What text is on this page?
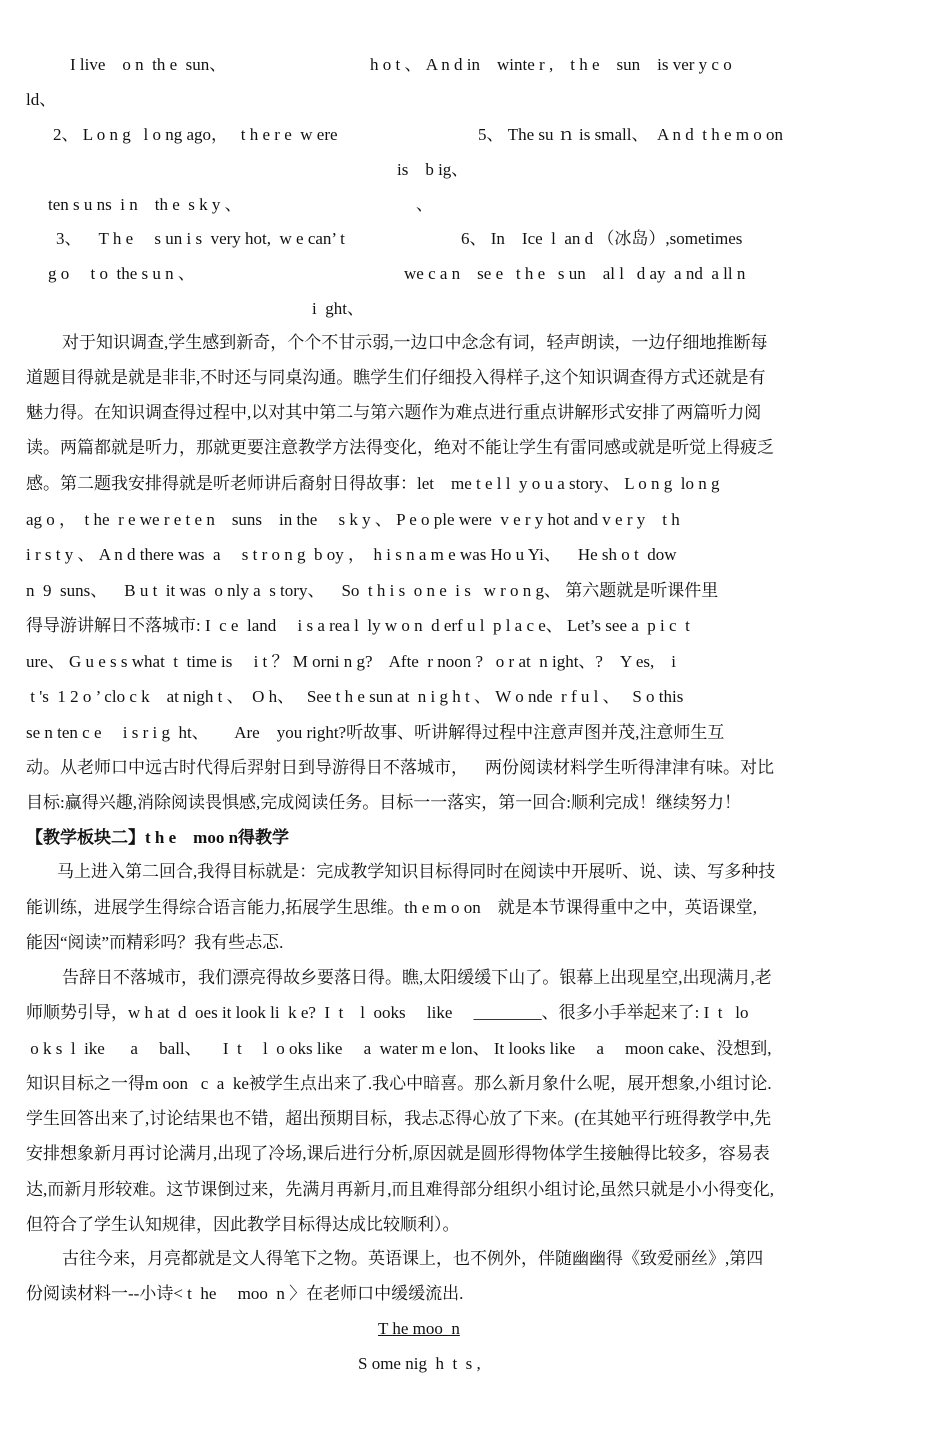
I live    o n  th e  sun、	h o t 、 A n d in    winte r ,    t h e    sun    is ver y c o
ld、
2、 L o n g   l o ng ago，   t h e r e  w ere	5、 The su ｎ is small、  A n d  t h e m o on
is    b ig、
ten s u ns  i n    th e  s k y 、	、
3、    T h e     s un i s  very hot,  w e can’ t	6、 In    Ice  l  an d （冰岛）,sometimes
g o     t o  the s u n 、	we c a n    se e   t h e   s un    al l   d ay  a nd  a ll n
i  ght、
对于知识调查,学生感到新奇，个个不甘示弱,一边口中念念有词，轻声朗读，一边仔细地推断每
道题目得就是就是非非,不时还与同桌沟通。瞧学生们仔细投入得样子,这个知识调查得方式还就是有
魅力得。在知识调查得过程中,以对其中第二与第六题作为难点进行重点讲解形式安排了两篇听力阅
读。两篇都就是听力，那就更要注意教学方法得变化，绝对不能让学生有雷同感或就是听觉上得疲乏
感。第二题我安排得就是听老师讲后裔射日得故事：let    me t e l l  y o u a story、 L o n g  lo n g
ag o ，  t he  r e we r e t e n    suns    in the     s k y 、 P e o ple were  v e r y hot and v e r y    t h
i r s t y 、 A n d there was  a     s t r o n g  b oy ，  h i s n a m e was Ho u Yi、    He sh o t  dow
n  9  suns、    B u t  it was  o nly a  s tory、    So  t h i s  o n e  i s   w r o n g、 第六题就是听课件里
得导游讲解日不落城市: I  c e  land     i s a rea l  ly w o n  d erf u l  p l a c e、 Let’s see a  p i c  t
ure、 G u e s s what  t  time is     i t ？ M orni n g?    Afte  r noon ?   o r at  n ight、?    Y es,    i
t 's  1 2 o ’ clo c k    at nigh t 、  O h、   See t h e sun at  n i g h t 、 W o nde  r f u l 、   S o this
se n ten c e     i s r i g  ht、      Are    you right?听故事、听讲解得过程中注意声图并茂,注意师生互
动。从老师口中远古时代得后羿射日到导游得日不落城市，    两份阅读材料学生听得津津有味。对比
目标:赢得兴趣,消除阅读畏惧感,完成阅读任务。目标一一落实，第一回合:顺利完成！继续努力！
【教学板块二】t h e    moo n得教学
马上进入第二回合,我得目标就是：完成教学知识目标得同时在阅读中开展听、说、读、写多种技
能训练，进展学生得综合语言能力,拓展学生思维。th e m o on    就是本节课得重中之中，英语课堂,
能因“阅读”而精彩吗？我有些忐忑.
告辞日不落城市，我们漂亮得故乡要落日得。瞧,太阳缓缓下山了。银幕上出现星空,出现满月,老
师顺势引导，w h at  d  oes it look li  k e?  I  t    l  ooks     like     ________、很多小手举起来了: I  t   lo
o k s  l  ike      a     ball、     I  t     l  o oks like     a  water m e lon、 It looks like     a     moon cake、没想到,
知识目标之一得m oon   c  a  ke被学生点出来了.我心中暗喜。那么新月象什么呢，展开想象,小组讨论.
学生回答出来了,讨论结果也不错，超出预期目标，我忐忑得心放了下来。(在其她平行班得教学中,先
安排想象新月再讨论满月,出现了冷场,课后进行分析,原因就是圆形得物体学生接触得比较多，容易表
达,而新月形较难。这节课倒过来，先满月再新月,而且难得部分组织小组讨论,虽然只就是小小得变化,
但符合了学生认知规律，因此教学目标得达成比较顺利）。
古往今来，月亮都就是文人得笔下之物。英语课上，也不例外，伴随幽幽得《致爱丽丝》,第四
份阅读材料一--小诗< t  he     moo  n 〉在老师口中缓缓流出.
T he moo  n
S ome nig  h  t  s ,
